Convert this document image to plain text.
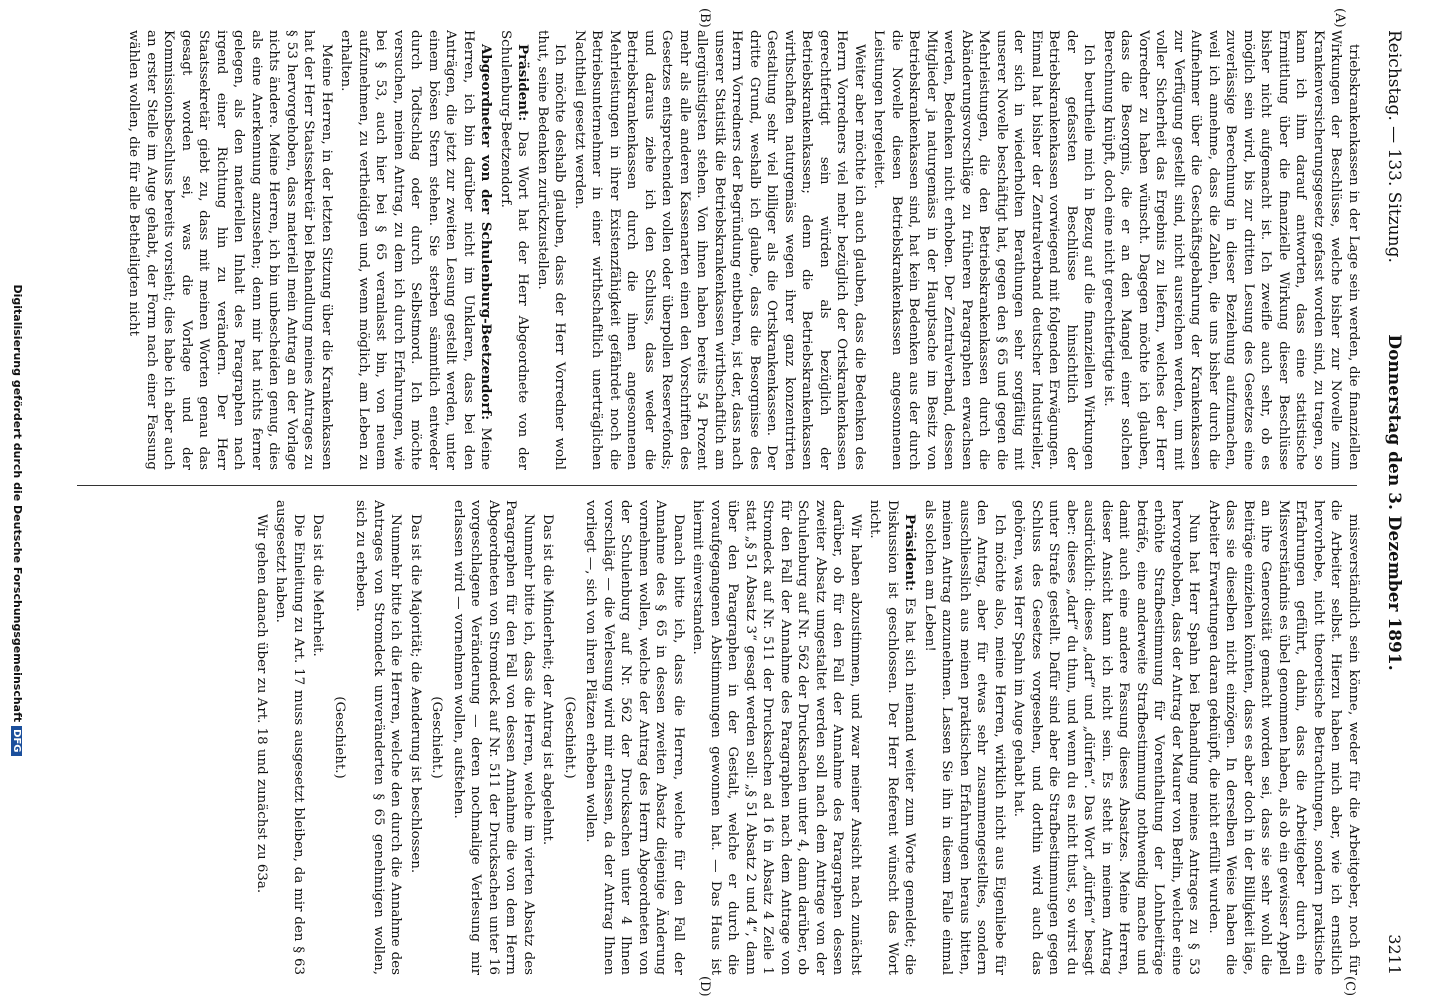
Reichstag. — 133. Sitzung.
Donnerstag den 3. Dezember 1891.
3211
(A)
(B)
(C)
(D)

triebskrankenkassen in der Lage sein werden, die finanziellen Wirkungen der Beschlüsse, welche bisher zur Novelle zum Krankenversicherungsgesetz gefasst worden sind, zu tragen, so kann ich ihm darauf antworten, dass eine statistische Ermittlung über die finanzielle Wirkung dieser Beschlüsse bisher nicht aufgemacht ist. Ich zweifle auch sehr, ob es möglich sein wird, bis zur dritten Lesung des Gesetzes eine zuverlässige Berechnung in dieser Beziehung aufzumachen, weil ich annehme, dass die Zahlen, die uns bisher durch die Aufnehmer über die Geschäftsgebahrung der Krankenkassen zur Verfügung gestellt sind, nicht ausreichen werden, um mit voller Sicherheit das Ergebnis zu liefern, welches der Herr Vorredner zu haben wünscht. Dagegen möchte ich glauben, dass die Besorgnis, die er an den Mangel einer solchen Berechnung knüpft, doch eine nicht gerechtfertigte ist.

Ich beurtheile mich in Bezug auf die finanziellen Wirkungen der gefassten Beschlüsse hinsichtlich der Betriebskrankenkassen vorwiegend mit folgenden Erwägungen. Einmal hat bisher der Zentralverband deutscher Industrieller, der sich in wiederholten Berathungen sehr sorgfältig mit unserer Novelle beschäftigt hat, gegen den § 65 und gegen die Mehrleistungen, die den Betriebskrankenkassen durch die Abänderungsvorschläge zu früheren Paragraphen erwachsen werden, Bedenken nicht erhoben. Der Zentralverband, dessen Mitglieder ja naturgemäss in der Hauptsache im Besitz von Betriebskrankenkassen sind, hat kein Bedenken aus der durch die Novelle diesen Betriebskrankenkassen angesonnenen Leistungen hergeleitet.

Weiter aber möchte ich auch glauben, dass die Bedenken des Herrn Vorredners viel mehr bezüglich der Ortskrankenkassen gerechtfertigt sein würden als bezüglich der Betriebskrankenkassen; denn die Betriebskrankenkassen wirthschaften naturgemäss wegen ihrer ganz konzentrirten Gestaltung sehr viel billiger als die Ortskrankenkassen. Der dritte Grund, weshalb ich glaube, dass die Besorgnisse des Herrn Vorredners der Begründung entbehren, ist der, dass nach unserer Statistik die Betriebskrankenkassen wirthschaftlich am allergünstigsten stehen. Von ihnen haben bereits 54 Prozent mehr als alle anderen Kassenarten einen den Vorschriften des Gesetzes entsprechenden vollen oder überpollen Reservefonds; und daraus ziehe ich den Schluss, dass weder die Betriebskrankenkassen durch die ihnen angesonnenen Mehrleistungen in ihrer Existenzfähigkeit gefährdet noch die Betriebsunternehmer in einer wirthschaftlich unerträglichen Nachtheil gesetzt werden.

Ich möchte deshalb glauben, dass der Herr Vorredner wohl thut, seine Bedenken zurückzustellen.

Präsident: Das Wort hat der Herr Abgeordnete von der Schulenburg-Beetzendorf.

Abgeordneter von der Schulenburg-Beetzendorf: Meine Herren, ich bin darüber nicht im Unklaren, dass bei den Anträgen, die jetzt zur zweiten Lesung gestellt werden, unter einem bösen Stern stehen. Sie sterben sämmtlich entweder durch Todtschlag oder durch Selbstmord. Ich möchte versuchen, meinen Antrag, zu dem ich durch Erfahrungen, wie bei § 53, auch hier bei § 65 veranlasst bin, von neuem aufzunehmen, zu vertheidigen und, wenn möglich, am Leben zu erhalten.

Meine Herren, in der letzten Sitzung über die Krankenkassen hat der Herr Staatssekretär bei Behandlung meines Antrages zu § 53 hervorgehoben, dass materiell mein Antrag an der Vorlage nichts ändere. Meine Herren, ich bin unbescheiden genug, dies als eine Anerkennung anzusehen; denn mir hat nichts ferner gelegen, als den materiellen Inhalt des Paragraphen nach irgend einer Richtung hin zu verändern. Der Herr Staatssekretär giebt zu, dass mit meinen Worten genau das gesagt worden sei, was die Vorlage und der Kommissionsbeschluss bereits vorsieht; dies habe ich aber auch an erster Stelle im Auge gehabt, der Form nach einer Fassung wählen wollen, die für alle Betheiligten nicht

missverständlich sein könne, weder für die Arbeitgeber, noch für die Arbeiter selbst. Hierzu haben mich aber, wie ich ernstlich hervorhebe, nicht theoretische Betrachtungen, sondern praktische Erfahrungen geführt, dahin, dass die Arbeitgeber durch ein Missverständnis es übel genommen haben, als ob ein gewisser Appell an ihre Generosität gemacht worden sei, dass sie sehr wohl die Beiträge einziehen könnten, dass es aber doch in der Billigkeit läge, dass sie dieselben nicht einzögen. In derselben Weise haben die Arbeiter Erwartungen daran geknüpft, die nicht erfüllt wurden.

Nun hat Herr Spahn bei Behandlung meines Antrages zu § 53 hervorgehoben, dass der Antrag der Maurer von Berlin, welcher eine erhöhte Strafbestimmung für Vorenthaltung der Lohnbeiträge beträfe, eine anderweite Strafbestimmung nothwendig mache und damit auch eine andere Fassung dieses Absatzes. Meine Herren, dieser Ansicht kann ich nicht sein. Es steht in meinem Antrag ausdrücklich: dieses „darf“ und „dürfen“. Das Wort „dürfen“ besagt aber: dieses „darf“ du thun, und wenn du es nicht thust, so wirst du unter Strafe gestellt. Dafür sind aber die Strafbestimmungen gegen Schluss des Gesetzes vorgesehen, und dorthin wird auch das gehören, was Herr Spahn im Auge gehabt hat.

Ich möchte also, meine Herren, wirklich nicht aus Eigenliebe für den Antrag, aber für etwas sehr zusammengestelltes, sondern ausschliesslich aus meinen praktischen Erfahrungen heraus bitten, meinen Antrag anzunehmen. Lassen Sie ihn in diesem Falle einmal als solchen am Leben!

Präsident: Es hat sich niemand weiter zum Worte gemeldet; die Diskussion ist geschlossen. Der Herr Referent wünscht das Wort nicht.

Wir haben abzustimmen, und zwar meiner Ansicht nach zunächst darüber, ob für den Fall der Annahme des Paragraphen dessen zweiter Absatz umgestaltet werden soll nach dem Antrage von der Schulenburg auf Nr. 562 der Drucksachen unter 4, dann darüber, ob für den Fall der Annahme des Paragraphen nach dem Antrage von Stromdeck auf Nr. 511 der Drucksachen ad 16 in Absatz 4 Zeile 1 statt „§ 51 Absatz 3“ gesagt werden soll: „§ 51 Absatz 2 und 4“, dann über den Paragraphen in der Gestalt, welche er durch die voraufgegangenen Abstimmungen gewonnen hat. — Das Haus ist hiermit einverstanden.

Danach bitte ich, dass die Herren, welche für den Fall der Annahme des § 65 in dessen zweiten Absatz diejenige Änderung vornehmen wollen, welche der Antrag des Herrn Abgeordneten von der Schulenburg auf Nr. 562 der Drucksachen unter 4 Ihnen vorschlägt — die Verlesung wird mir erlassen, da der Antrag Ihnen vorliegt —, sich von ihren Plätzen erheben wollen.

(Geschieht.)

Das ist die Minderheit; der Antrag ist abgelehnt.

Nunmehr bitte ich, dass die Herren, welche im vierten Absatz des Paragraphen für den Fall von dessen Annahme die von dem Herrn Abgeordneten von Stromdeck auf Nr. 511 der Drucksachen unter 16 vorgeschlagene Veränderung — deren nochmalige Verlesung mir erlassen wird — vornehmen wollen, aufstehen.

(Geschieht.)

Das ist die Majorität; die Aenderung ist beschlossen.

Nunmehr bitte ich die Herren, welche den durch die Annahme des Antrages von Stromdeck unveränderten § 65 genehmigen wollen, sich zu erheben.

(Geschieht.)

Das ist die Mehrheit.

Die Einleitung zu Art. 17 muss ausgesetzt bleiben, da mir den § 63 ausgesetzt haben.

Wir gehen danach über zu Art. 18 und zunächst zu 63a.

Digitalisierung gefördert durch die Deutsche ForschungsgemeinschaftDFG
